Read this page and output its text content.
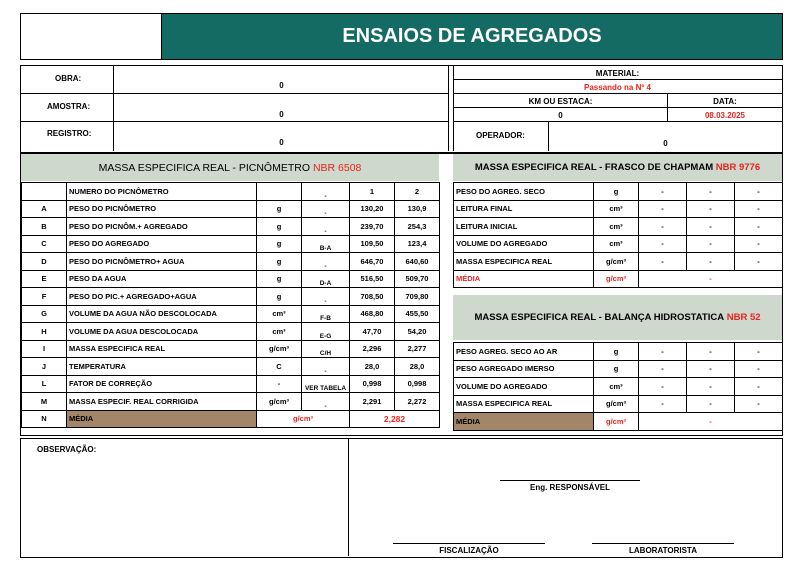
ENSAIOS DE AGREGADOS
OBRA:
0
AMOSTRA:
0
REGISTRO:
0
MATERIAL:
Passando na Nº 4
KM OU ESTACA:
0
DATA:
08.03.2025
OPERADOR:
0
MASSA ESPECIFICA REAL - PICNÔMETRO
NBR 6508
	NUMERO DO PICNÔMETRO		-	1	2
A	PESO DO PICNÔMETRO	g	-	130,20	130,9
B	PESO DO PICNÔM.+ AGREGADO	g	-	239,70	254,3
C	PESO DO AGREGADO	g	B-A	109,50	123,4
D	PESO DO PICNÔMETRO+ AGUA	g	-	646,70	640,60
E	PESO DA AGUA	g	D-A	516,50	509,70
F	PESO DO PIC.+ AGREGADO+AGUA	g	-	708,50	709,80
G	VOLUME DA AGUA NÃO DESCOLOCADA	cm³	F-B	468,80	455,50
H	VOLUME DA AGUA DESCOLOCADA	cm³	E-G	47,70	54,20
I	MASSA ESPECIFICA REAL	g/cm³	C/H	2,296	2,277
J	TEMPERATURA	C	-	28,0	28,0
L	FATOR DE CORREÇÃO	-	VER TABELA	0,998	0,998
M	MASSA ESPECIF. REAL CORRIGIDA	g/cm³	-	2,291	2,272
N	MÉDIA	g/cm³		2,282	
MASSA ESPECIFICA REAL - FRASCO DE CHAPMAM
NBR 9776
PESO DO AGREG. SECO	g	-	-	-
LEITURA FINAL	cm³	-	-	-
LEITURA INICIAL	cm³	-	-	-
VOLUME DO AGREGADO	cm³	-	-	-
MASSA ESPECIFICA REAL	g/cm³	-	-	-
MÉDIA	g/cm³	-		
MASSA ESPECIFICA REAL - BALANÇA HIDROSTATICA
NBR 52
PESO AGREG. SECO AO AR	g	-	-	-
PESO AGREGADO IMERSO	g	-	-	-
VOLUME DO AGREGADO	cm³	-	-	-
MASSA ESPECIFICA REAL	g/cm³	-	-	-
MÉDIA	g/cm³	-		
OBSERVAÇÃO:
Eng. RESPONSÁVEL
FISCALIZAÇÃO	LABORATORISTA
